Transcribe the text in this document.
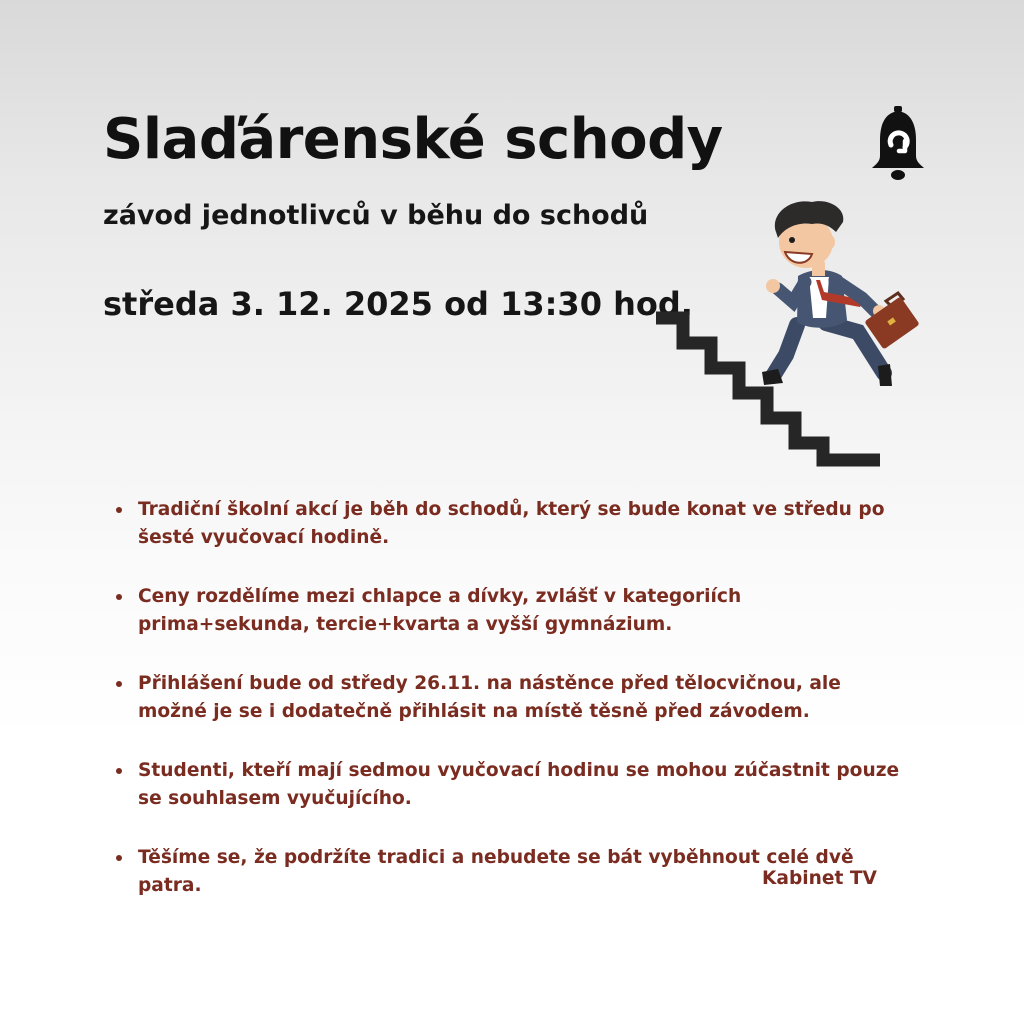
Slaďárenské schody
závod jednotlivců v běhu do schodů
středa 3. 12. 2025 od 13:30 hod.
Tradiční školní akcí je běh do schodů, který se bude konat ve středu po šesté vyučovací hodině.
Ceny rozdělíme mezi chlapce a dívky, zvlášť v kategoriích prima+sekunda, tercie+kvarta a vyšší gymnázium.
Přihlášení bude od středy 26.11. na nástěnce před tělocvičnou, ale možné je se i dodatečně přihlásit na místě těsně před závodem.
Studenti, kteří mají sedmou vyučovací hodinu se mohou zúčastnit pouze se souhlasem vyučujícího.
Těšíme se, že podržíte tradici a nebudete se bát vyběhnout celé dvě patra.	Kabinet TV
